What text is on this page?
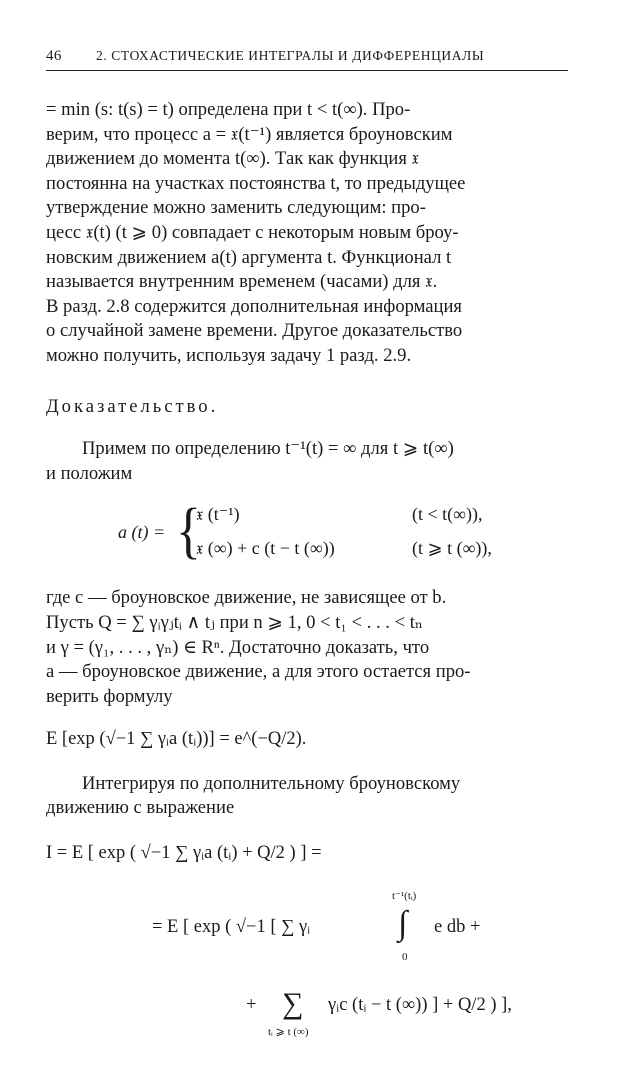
46	2. СТОХАСТИЧЕСКИЕ ИНТЕГРАЛЫ И ДИФФЕРЕНЦИАЛЫ

= min (s: t(s) = t) определена при t < t(∞). Про-

верим, что процесс a = 𝔵(t⁻¹) является броуновским

движением до момента t(∞). Так как функция 𝔵

постоянна на участках постоянства t, то предыдущее

утверждение можно заменить следующим: про-

цесс 𝔵(t) (t ⩾ 0) совпадает с некоторым новым броу-

новским движением a(t) аргумента t. Функционал t

называется внутренним временем (часами) для 𝔵.

В разд. 2.8 содержится дополнительная информация

о случайной замене времени. Другое доказательство

можно получить, используя задачу 1 разд. 2.9.

Доказательство.

Примем по определению t⁻¹(t) = ∞ для t ⩾ t(∞)

и положим

a (t) = {
𝔵 (t⁻¹)	(t < t(∞)),
𝔵 (∞) + c (t − t (∞))	(t ⩾ t (∞)),

где c — броуновское движение, не зависящее от b.

Пусть Q = ∑ γᵢγⱼtᵢ ∧ tⱼ при n ⩾ 1, 0 < t₁ < . . . < tₙ

и γ = (γ₁, . . . , γₙ) ∈ Rⁿ. Достаточно доказать, что

a — броуновское движение, а для этого остается про-

верить формулу

E [exp (√−1 ∑ γᵢa (tᵢ))] = e^(−Q/2).

Интегрируя по дополнительному броуновскому

движению c выражение

I = E [ exp ( √−1 ∑ γᵢa (tᵢ) + Q/2 ) ] =
= E [ exp ( √−1 [ ∑ γᵢ
t⁻¹(tᵢ)
∫
0
e db +
+ ∑
tᵢ ⩾ t (∞)
γᵢc (tᵢ − t (∞)) ] + Q/2 ) ],
